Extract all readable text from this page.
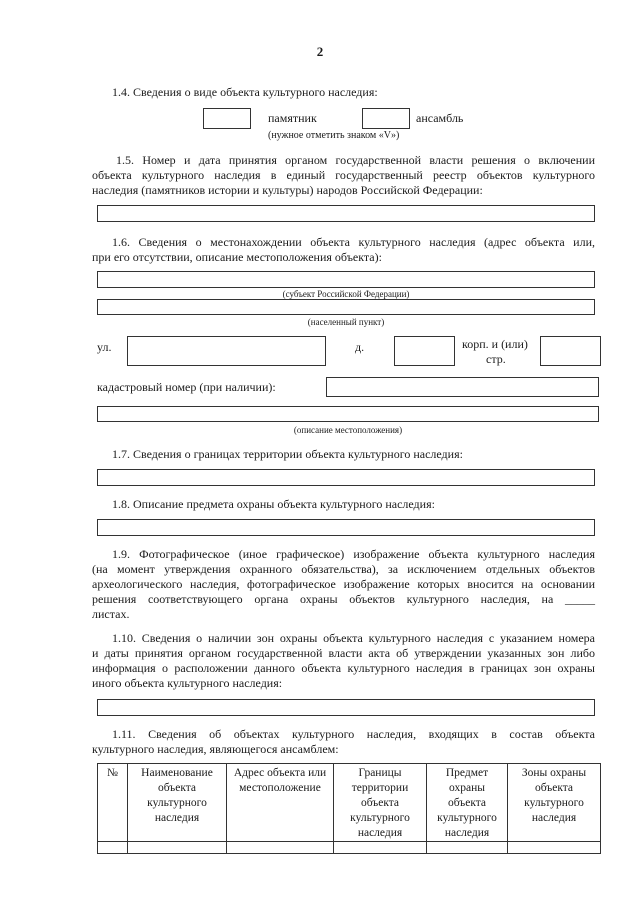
2
1.4. Сведения о виде объекта культурного наследия:
памятник	ансамбль
(нужное отметить знаком «V»)
1.5. Номер и дата принятия органом государственной власти решения о включении
объекта культурного наследия в единый государственный реестр объектов культурного
наследия (памятников истории и культуры) народов Российской Федерации:
1.6. Сведения о местонахождении объекта культурного наследия (адрес объекта или,
при его отсутствии, описание местоположения объекта):
(субъект Российской Федерации)
(населенный пункт)
ул.	д.	корп. и (или)
стр.
кадастровый номер (при наличии):
(описание местоположения)
1.7. Сведения о границах территории объекта культурного наследия:
1.8. Описание предмета охраны объекта культурного наследия:
1.9. Фотографическое (иное графическое) изображение объекта культурного наследия
(на момент утверждения охранного обязательства), за исключением отдельных объектов
археологического наследия, фотографическое изображение которых вносится на основании
решения соответствующего органа охраны объектов культурного наследия, на _____
листах.
1.10. Сведения о наличии зон охраны объекта культурного наследия с указанием номера
и даты принятия органом государственной власти акта об утверждении указанных зон либо
информация о расположении данного объекта культурного наследия в границах зон охраны
иного объекта культурного наследия:
1.11. Сведения об объектах культурного наследия, входящих в состав объекта
культурного наследия, являющегося ансамблем:
№	Наименование объекта культурного наследия	Адрес объекта или местоположение	Границы территории объекта культурного наследия	Предмет охраны объекта культурного наследия	Зоны охраны объекта культурного наследия
